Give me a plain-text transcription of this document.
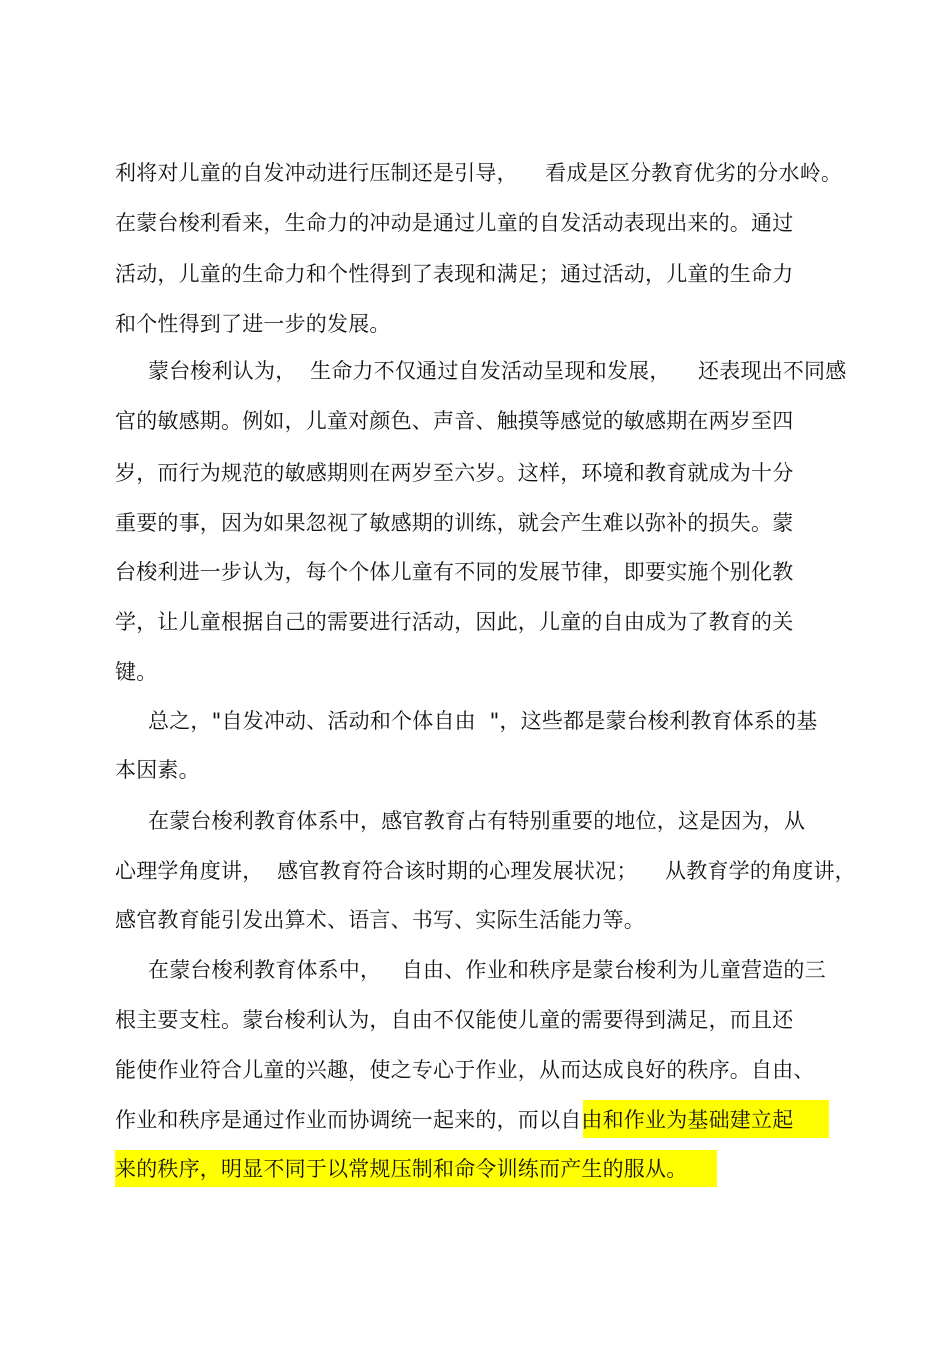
利将对儿童的自发冲动进行压制还是引导，    看成是区分教育优劣的分水岭。
在蒙台梭利看来，生命力的冲动是通过儿童的自发活动表现出来的。通过
活动，儿童的生命力和个性得到了表现和满足；通过活动，儿童的生命力
和个性得到了进一步的发展。
蒙台梭利认为，  生命力不仅通过自发活动呈现和发展，    还表现出不同感
官的敏感期。例如，儿童对颜色、声音、触摸等感觉的敏感期在两岁至四
岁，而行为规范的敏感期则在两岁至六岁。这样，环境和教育就成为十分
重要的事，因为如果忽视了敏感期的训练，就会产生难以弥补的损失。蒙
台梭利进一步认为，每个个体儿童有不同的发展节律，即要实施个别化教
学，让儿童根据自己的需要进行活动，因此，儿童的自由成为了教育的关
键。
总之，"自发冲动、活动和个体自由  "，这些都是蒙台梭利教育体系的基
本因素。
在蒙台梭利教育体系中，感官教育占有特别重要的地位，这是因为，从
心理学角度讲，  感官教育符合该时期的心理发展状况；    从教育学的角度讲，
感官教育能引发出算术、语言、书写、实际生活能力等。
在蒙台梭利教育体系中，   自由、作业和秩序是蒙台梭利为儿童营造的三
根主要支柱。蒙台梭利认为，自由不仅能使儿童的需要得到满足，而且还
能使作业符合儿童的兴趣，使之专心于作业，从而达成良好的秩序。自由、
作业和秩序是通过作业而协调统一起来的，而以自由和作业为基础建立起
来的秩序，明显不同于以常规压制和命令训练而产生的服从。
